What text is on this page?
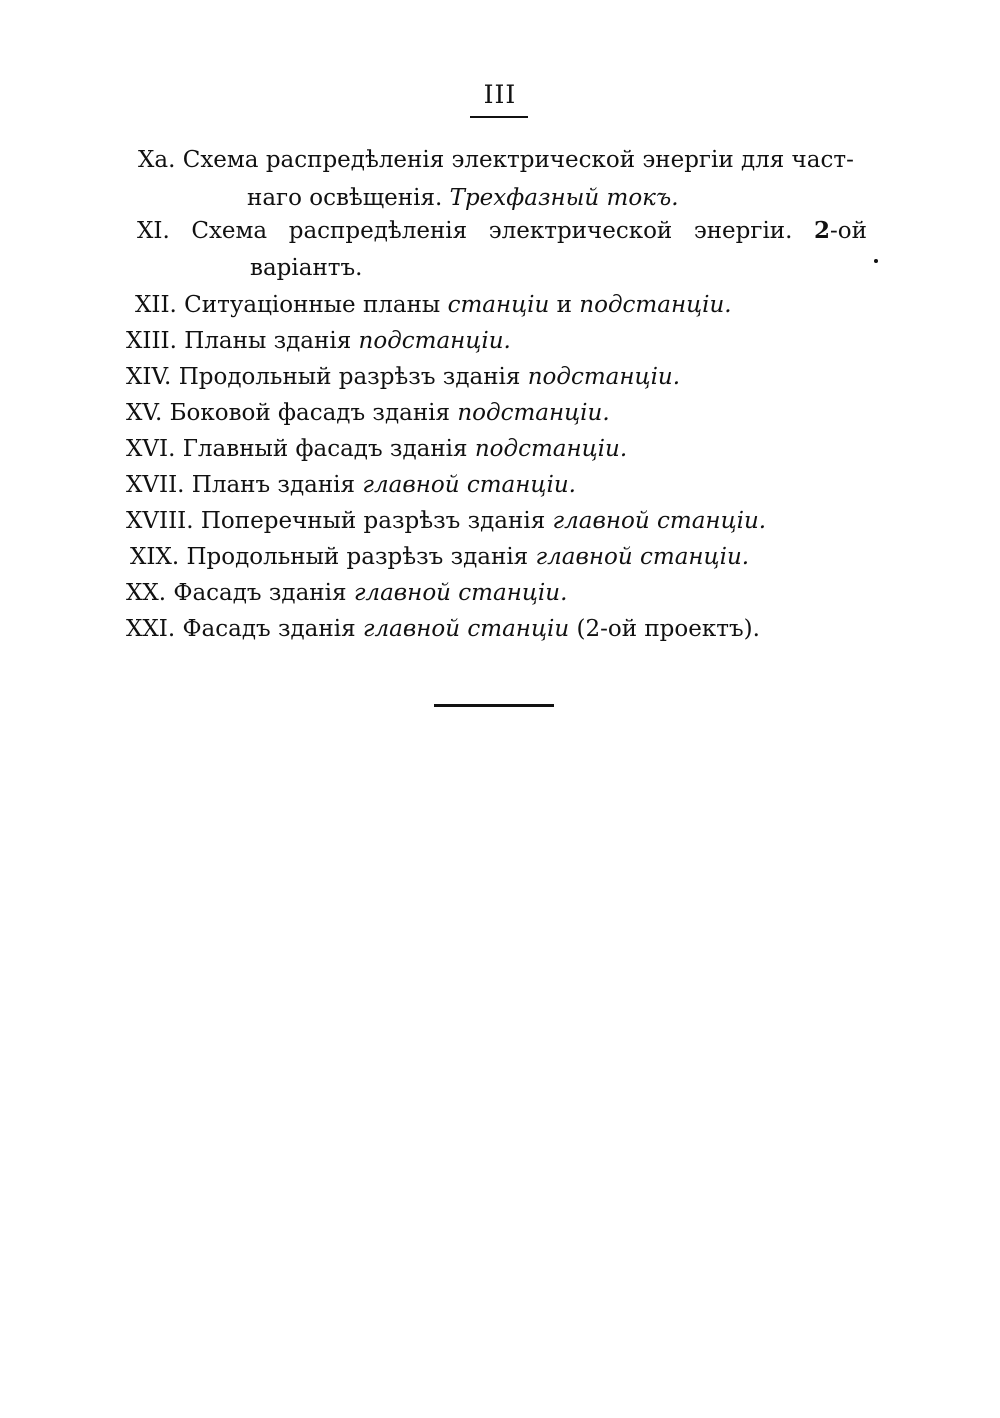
III
Xa. Схема распредѣленія электрической энергіи для част-
наго освѣщенія. Трехфазный токъ.
XI. Схема распредѣленія электрической энергіи. 2-ой
варіантъ.
XII. Ситуаціонные планы станціи и подстанціи.
XIII. Планы зданія подстанціи.
XIV. Продольный разрѣзъ зданія подстанціи.
XV. Боковой фасадъ зданія подстанціи.
XVI. Главный фасадъ зданія подстанціи.
XVII. Планъ зданія главной станціи.
XVIII. Поперечный разрѣзъ зданія главной станціи.
XIX. Продольный разрѣзъ зданія главной станціи.
XX. Фасадъ зданія главной станціи.
XXI. Фасадъ зданія главной станціи (2-ой проектъ).
